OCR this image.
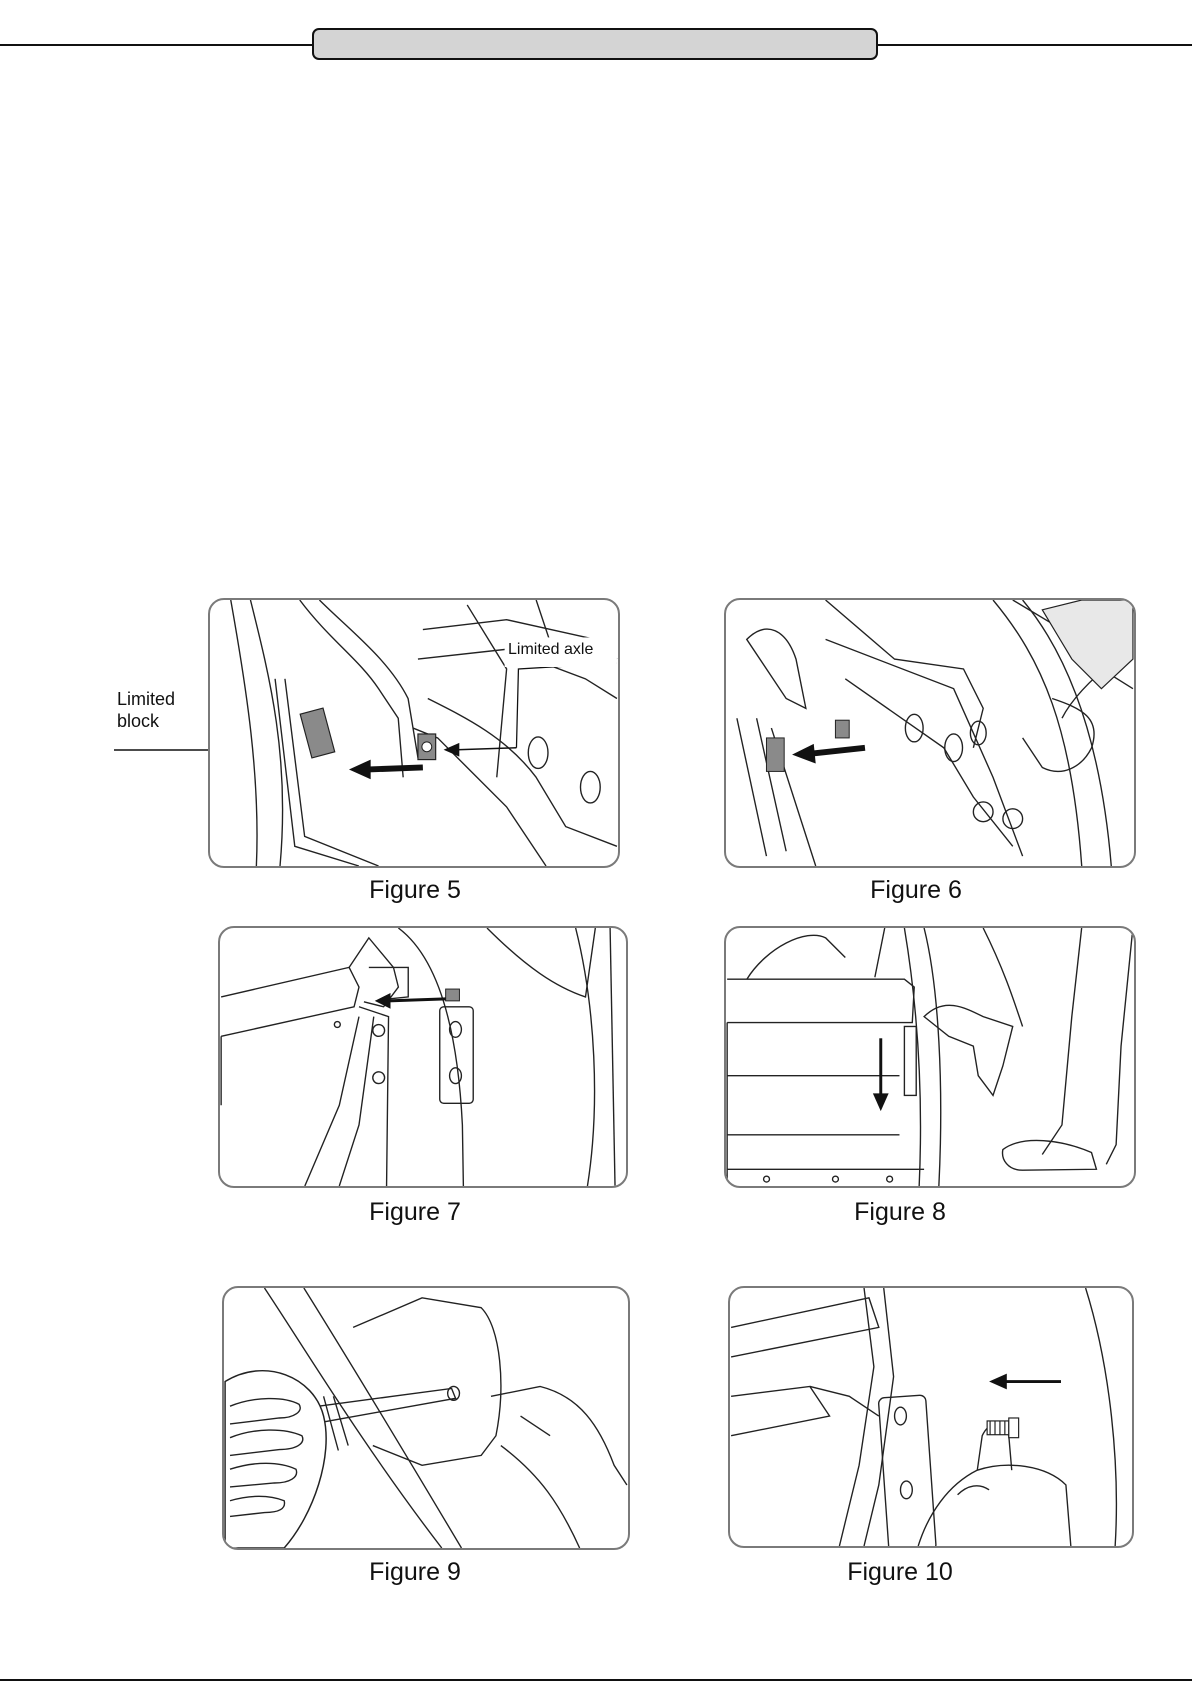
Limited
block
Limited axle
Figure 5	Figure 6
Figure 7	Figure 8
Figure 9	Figure 10
